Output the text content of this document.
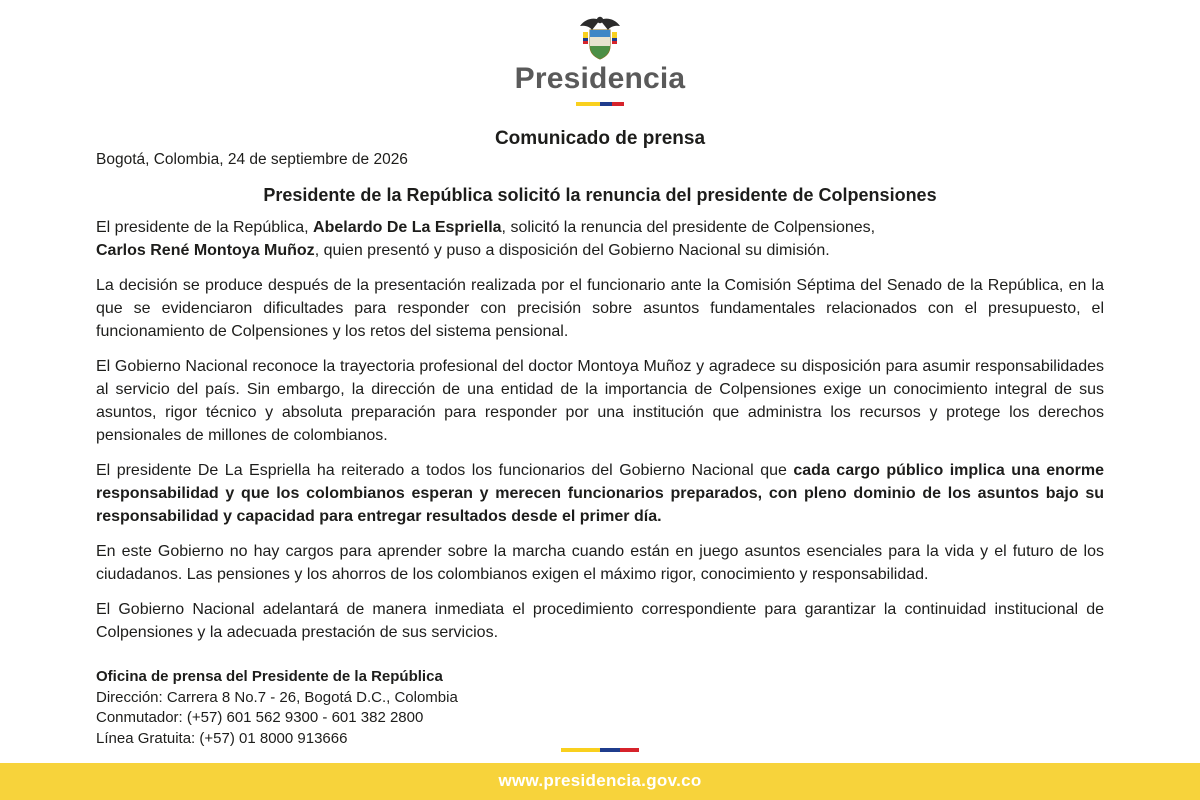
Presidencia
Comunicado de prensa
Bogotá, Colombia, 24 de septiembre de 2026
Presidente de la República solicitó la renuncia del presidente de Colpensiones

El presidente de la República, Abelardo De La Espriella, solicitó la renuncia del presidente de Colpensiones,
Carlos René Montoya Muñoz, quien presentó y puso a disposición del Gobierno Nacional su dimisión.

La decisión se produce después de la presentación realizada por el funcionario ante la Comisión Séptima del Senado de la República, en la que se evidenciaron dificultades para responder con precisión sobre asuntos fundamentales relacionados con el presupuesto, el funcionamiento de Colpensiones y los retos del sistema pensional.

El Gobierno Nacional reconoce la trayectoria profesional del doctor Montoya Muñoz y agradece su disposición para asumir responsabilidades al servicio del país. Sin embargo, la dirección de una entidad de la importancia de Colpensiones exige un conocimiento integral de sus asuntos, rigor técnico y absoluta preparación para responder por una institución que administra los recursos y protege los derechos pensionales de millones de colombianos.

El presidente De La Espriella ha reiterado a todos los funcionarios del Gobierno Nacional que cada cargo público implica una enorme responsabilidad y que los colombianos esperan y merecen funcionarios preparados, con pleno dominio de los asuntos bajo su responsabilidad y capacidad para entregar resultados desde el primer día.

En este Gobierno no hay cargos para aprender sobre la marcha cuando están en juego asuntos esenciales para la vida y el futuro de los ciudadanos. Las pensiones y los ahorros de los colombianos exigen el máximo rigor, conocimiento y responsabilidad.

El Gobierno Nacional adelantará de manera inmediata el procedimiento correspondiente para garantizar la continuidad institucional de Colpensiones y la adecuada prestación de sus servicios.

Oficina de prensa del Presidente de la República
Dirección: Carrera 8 No.7 - 26, Bogotá D.C., Colombia
Conmutador: (+57) 601 562 9300 - 601 382 2800
Línea Gratuita: (+57) 01 8000 913666
www.presidencia.gov.co
